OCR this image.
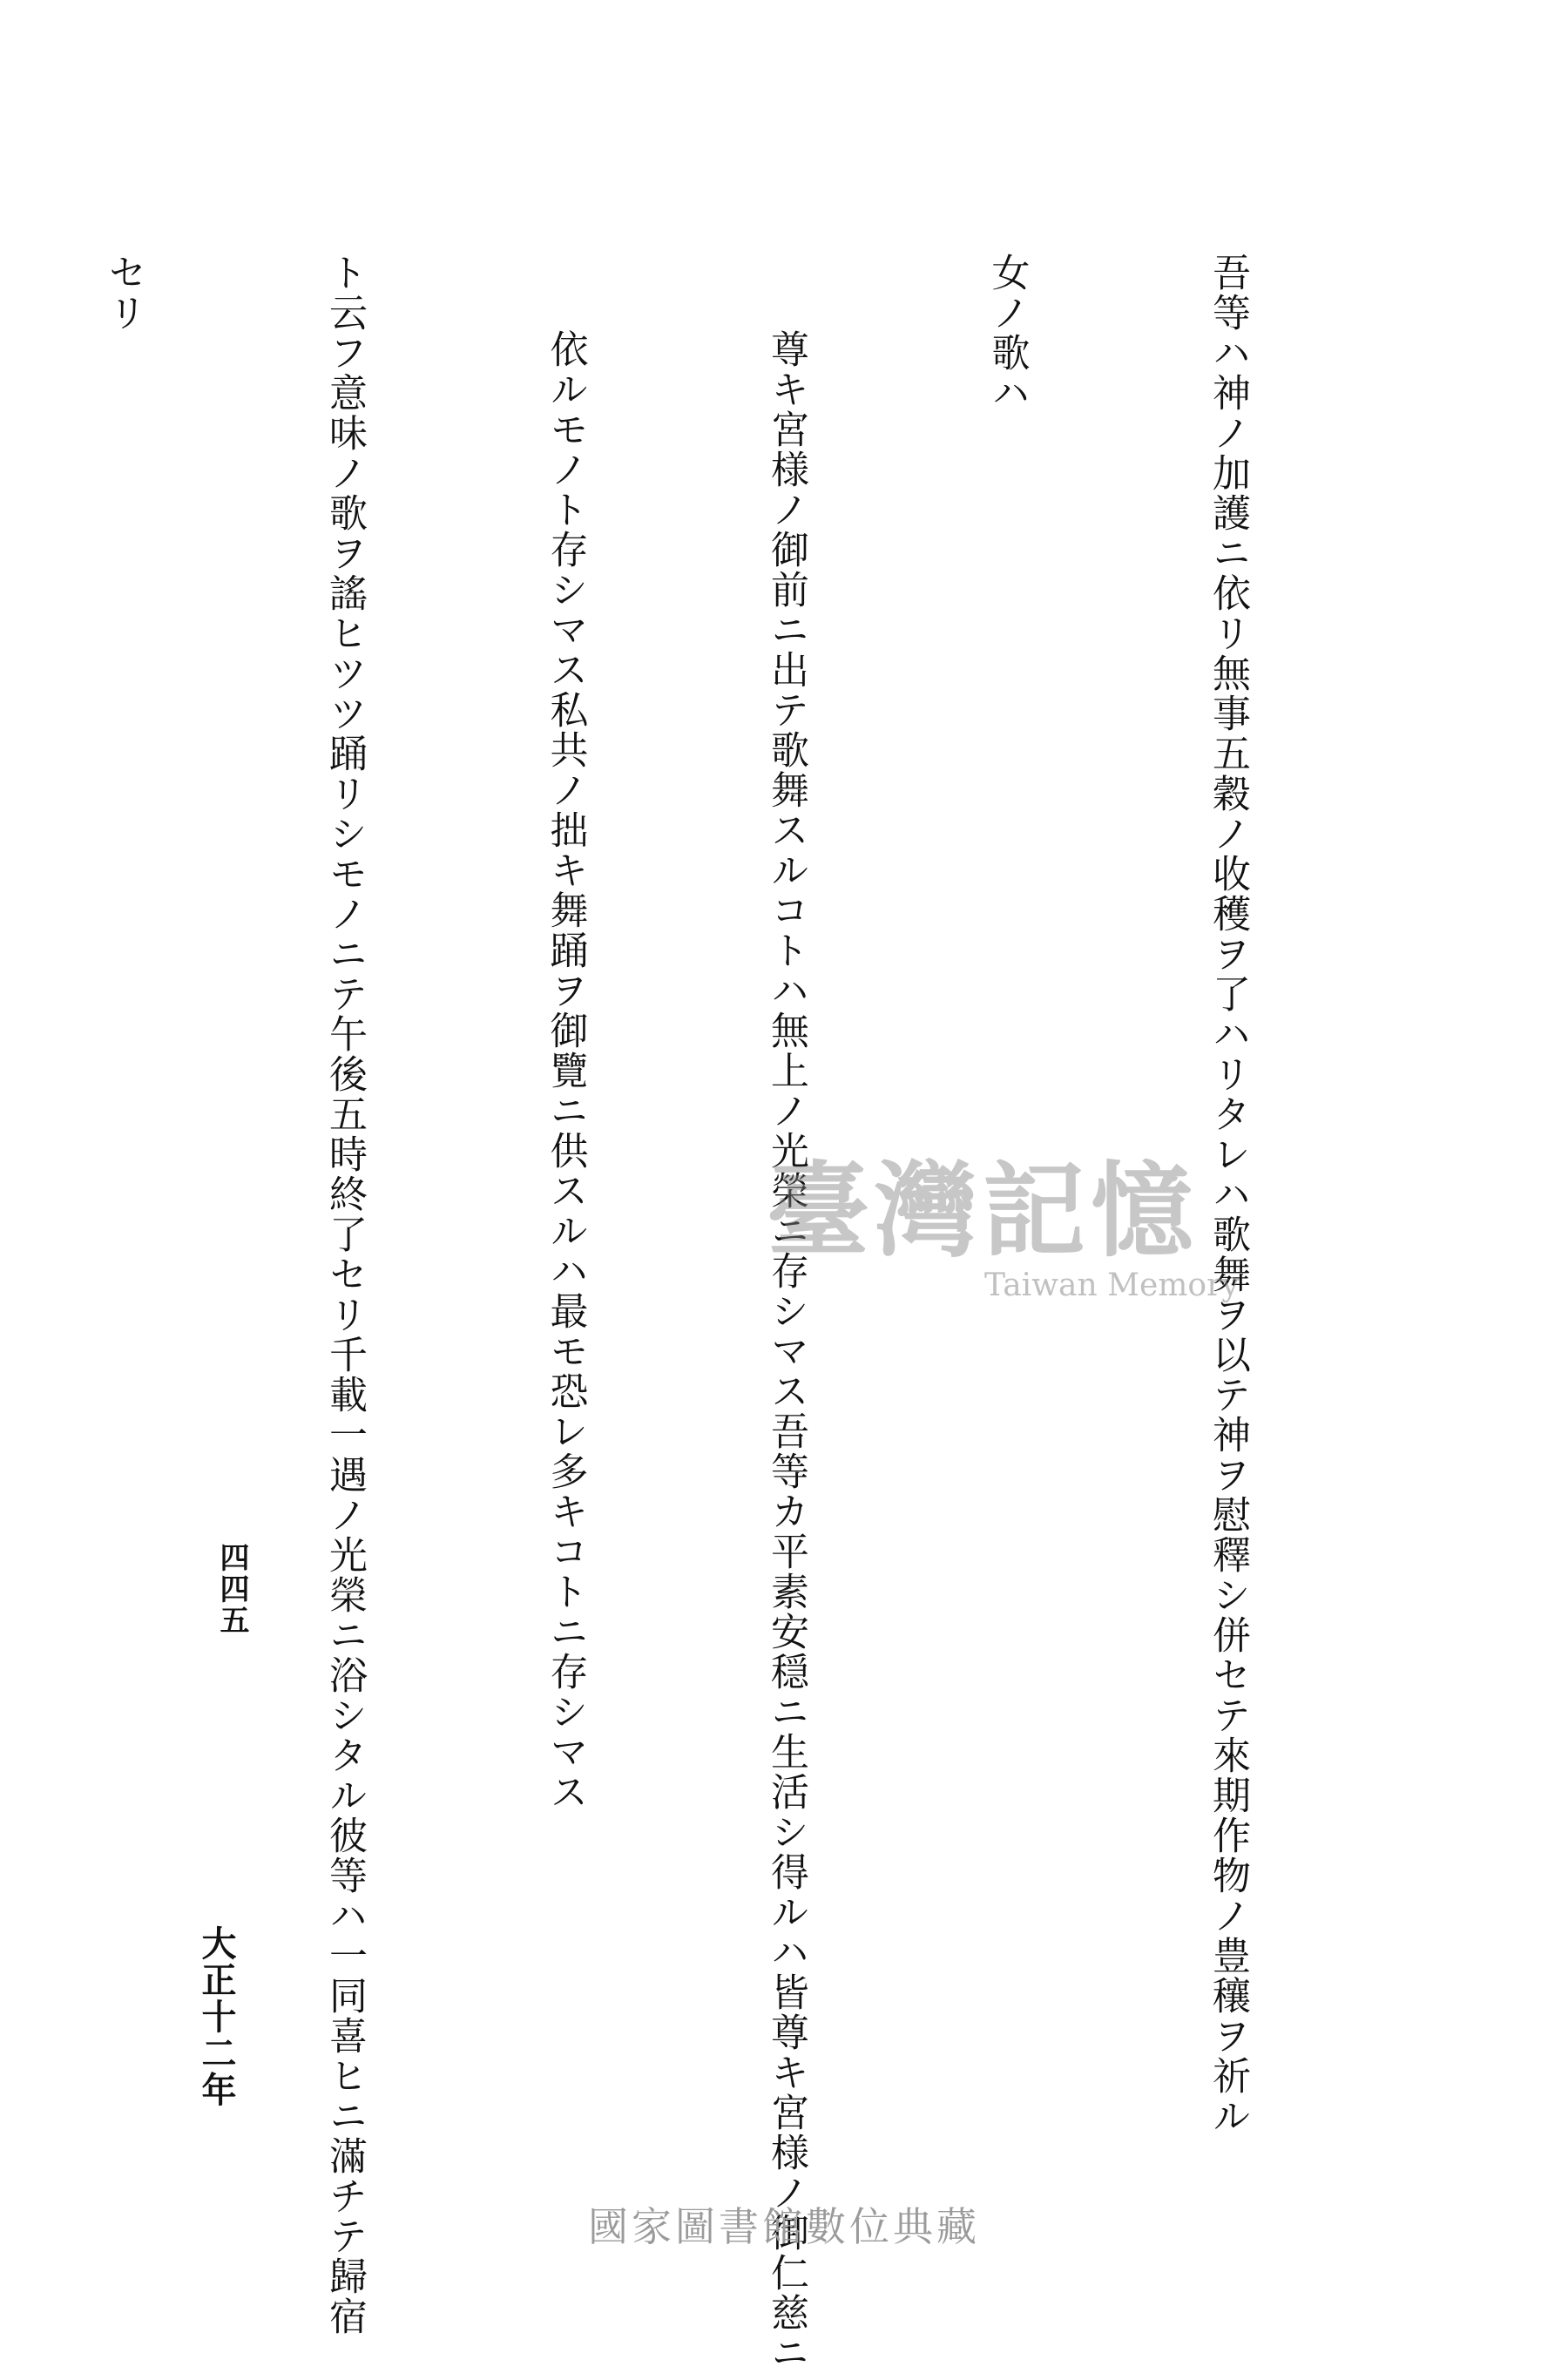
吾等ハ神ノ加護ニ依リ無事五穀ノ收穫ヲ了ハリタレハ歌舞ヲ以テ神ヲ慰釋シ併セテ來期作物ノ豊穰ヲ祈ル

女ノ歌ハ

尊キ宮様ノ御前ニ出テ歌舞スルコトハ無上ノ光榮ニ存シマス吾等カ平素安穏ニ生活シ得ルハ皆尊キ宮様ノ御仁慈ニ

依ルモノト存シマス私共ノ拙キ舞踊ヲ御覽ニ供スルハ最モ恐レ多キコトニ存シマス

ト云フ意味ノ歌ヲ謠ヒツツ踊リシモノニテ午後五時終了セリ千載一遇ノ光榮ニ浴シタル彼等ハ一同喜ヒニ滿チテ歸宿

セリ

四四五
大正十二年
臺灣記憶
Taiwan Memory
國家圖書館數位典藏
